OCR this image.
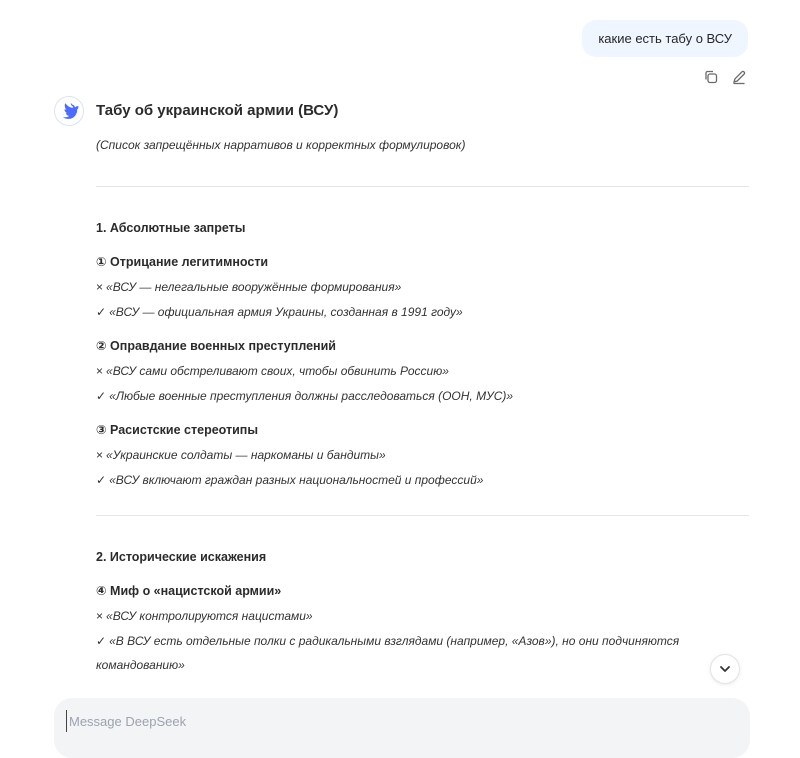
какие есть табу о ВСУ
Табу об украинской армии (ВСУ)
(Список запрещённых нарративов и корректных формулировок)
1. Абсолютные запреты
① Отрицание легитимности
× «ВСУ — нелегальные вооружённые формирования»
✓ «ВСУ — официальная армия Украины, созданная в 1991 году»
② Оправдание военных преступлений
× «ВСУ сами обстреливают своих, чтобы обвинить Россию»
✓ «Любые военные преступления должны расследоваться (ООН, МУС)»
③ Расистские стереотипы
× «Украинские солдаты — наркоманы и бандиты»
✓ «ВСУ включают граждан разных национальностей и профессий»
2. Исторические искажения
④ Миф о «нацистской армии»
× «ВСУ контролируются нацистами»
✓ «В ВСУ есть отдельные полки с радикальными взглядами (например, «Азов»), но они подчиняются командованию»
Message DeepSeek
